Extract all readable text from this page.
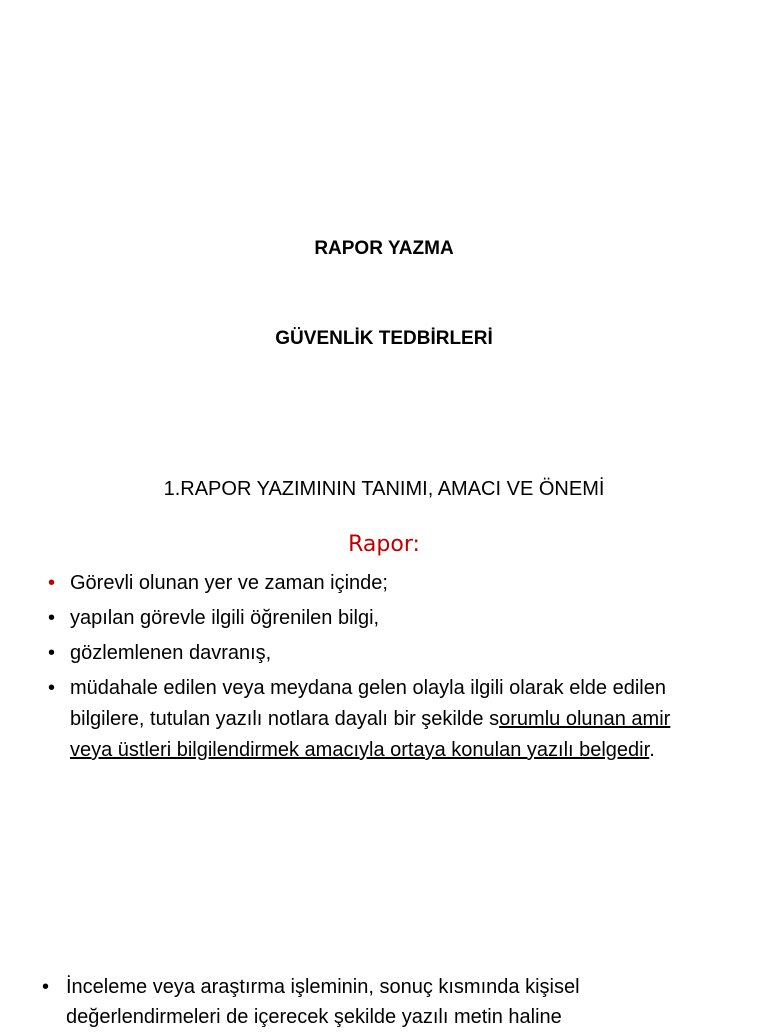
RAPOR YAZMA
GÜVENLİK TEDBİRLERİ
1.RAPOR YAZIMININ TANIMI, AMACI VE ÖNEMİ
Rapor:
• Görevli olunan yer ve zaman içinde;
• yapılan görevle ilgili öğrenilen bilgi,
• gözlemlenen davranış,
• müdahale edilen veya meydana gelen olayla ilgili olarak elde edilen bilgilere, tutulan yazılı notlara dayalı bir şekilde sorumlu olunan amir veya üstleri bilgilendirmek amacıyla ortaya konulan yazılı belgedir.
• İnceleme veya araştırma işleminin, sonuç kısmında kişisel değerlendirmeleri de içerecek şekilde yazılı metin haline
